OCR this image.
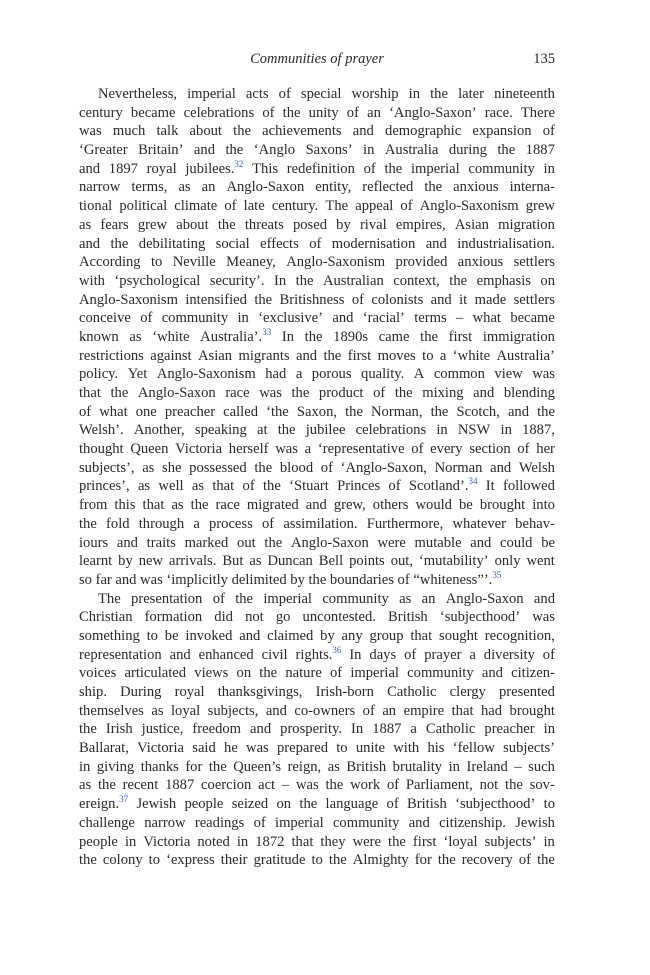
Communities of prayer	135
Nevertheless, imperial acts of special worship in the later nineteenth
century became celebrations of the unity of an ‘Anglo-Saxon’ race. There
was much talk about the achievements and demographic expansion of
‘Greater Britain’ and the ‘Anglo Saxons’ in Australia during the 1887
and 1897 royal jubilees.$^{32}$ This redefinition of the imperial community in
narrow terms, as an Anglo-Saxon entity, reflected the anxious interna-
tional political climate of late century. The appeal of Anglo-Saxonism grew
as fears grew about the threats posed by rival empires, Asian migration
and the debilitating social effects of modernisation and industrialisation.
According to Neville Meaney, Anglo-Saxonism provided anxious settlers
with ‘psychological security’. In the Australian context, the emphasis on
Anglo-Saxonism intensified the Britishness of colonists and it made settlers
conceive of community in ‘exclusive’ and ‘racial’ terms – what became
known as ‘white Australia’.$^{33}$ In the 1890s came the first immigration
restrictions against Asian migrants and the first moves to a ‘white Australia’
policy. Yet Anglo-Saxonism had a porous quality. A common view was
that the Anglo-Saxon race was the product of the mixing and blending
of what one preacher called ‘the Saxon, the Norman, the Scotch, and the
Welsh’. Another, speaking at the jubilee celebrations in NSW in 1887,
thought Queen Victoria herself was a ‘representative of every section of her
subjects’, as she possessed the blood of ‘Anglo-Saxon, Norman and Welsh
princes’, as well as that of the ‘Stuart Princes of Scotland’.$^{34}$ It followed
from this that as the race migrated and grew, others would be brought into
the fold through a process of assimilation. Furthermore, whatever behav-
iours and traits marked out the Anglo-Saxon were mutable and could be
learnt by new arrivals. But as Duncan Bell points out, ‘mutability’ only went
so far and was ‘implicitly delimited by the boundaries of “whiteness”’.$^{35}$
The presentation of the imperial community as an Anglo-Saxon and
Christian formation did not go uncontested. British ‘subjecthood’ was
something to be invoked and claimed by any group that sought recognition,
representation and enhanced civil rights.$^{36}$ In days of prayer a diversity of
voices articulated views on the nature of imperial community and citizen-
ship. During royal thanksgivings, Irish-born Catholic clergy presented
themselves as loyal subjects, and co-owners of an empire that had brought
the Irish justice, freedom and prosperity. In 1887 a Catholic preacher in
Ballarat, Victoria said he was prepared to unite with his ‘fellow subjects’
in giving thanks for the Queen’s reign, as British brutality in Ireland – such
as the recent 1887 coercion act – was the work of Parliament, not the sov-
ereign.$^{37}$ Jewish people seized on the language of British ‘subjecthood’ to
challenge narrow readings of imperial community and citizenship. Jewish
people in Victoria noted in 1872 that they were the first ‘loyal subjects’ in
the colony to ‘express their gratitude to the Almighty for the recovery of the
